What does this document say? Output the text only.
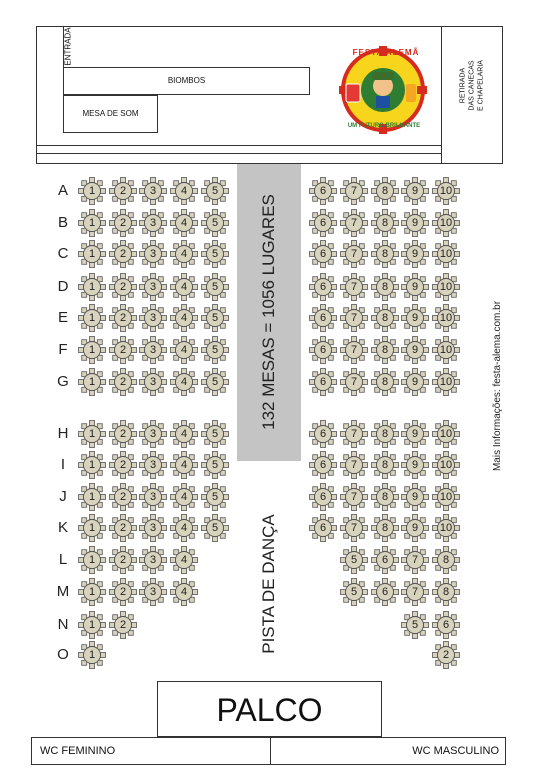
ENTRADA
BIOMBOS
MESA DE SOM
FESTA ALEMÃ
UM FUTURO BRILHANTE
RETIRADA DAS CANECAS E CHAPELARIA
132 MESAS = 1056 LUGARES
PISTA DE DANÇA
Mais Informações: festa-alema.com.br
A	1	2	3	4	5	6	7	8	9	10
B	1	2	3	4	5	6	7	8	9	10
C	1	2	3	4	5	6	7	8	9	10
D	1	2	3	4	5	6	7	8	9	10
E	1	2	3	4	5	6	7	8	9	10
F	1	2	3	4	5	6	7	8	9	10
G	1	2	3	4	5	6	7	8	9	10
H	1	2	3	4	5	6	7	8	9	10
I	1	2	3	4	5	6	7	8	9	10
J	1	2	3	4	5	6	7	8	9	10
K	1	2	3	4	5	6	7	8	9	10
L	1	2	3	4	5	6	7	8
M	1	2	3	4	5	6	7	8
N	1	2	5	6
O	1	2
PALCO
WC FEMININO	WC MASCULINO
